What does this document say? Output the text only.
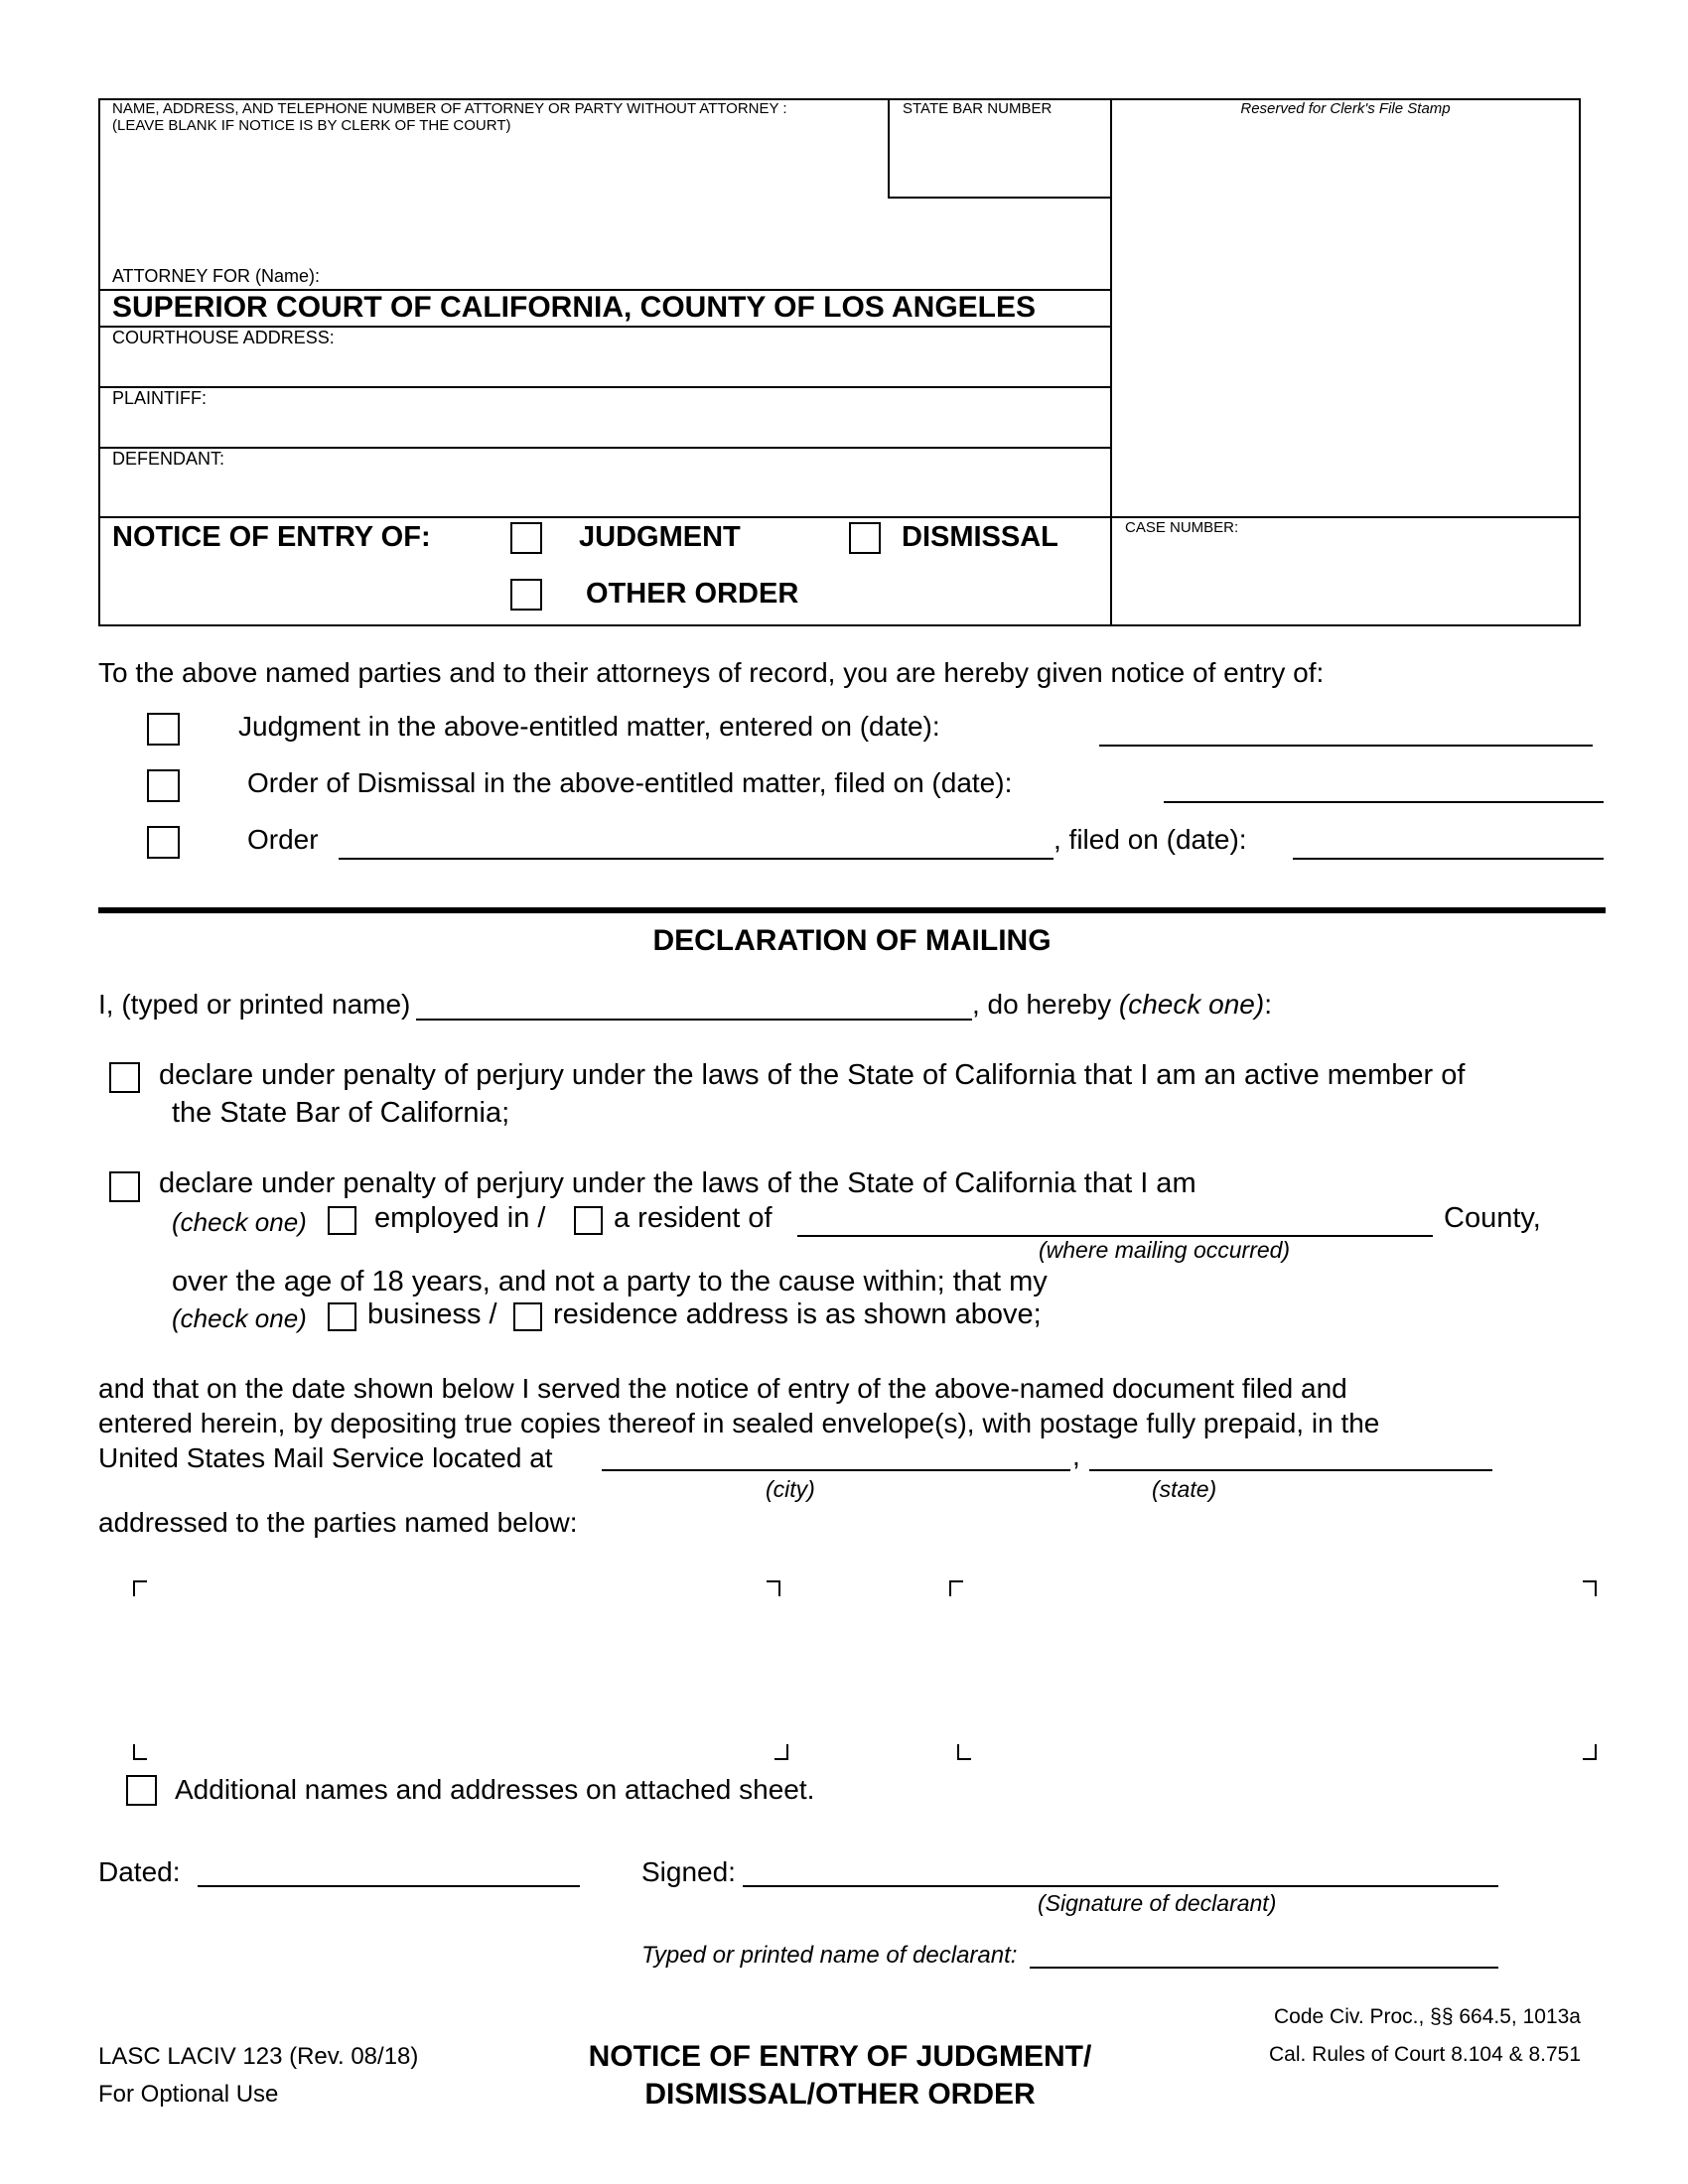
NAME, ADDRESS, AND TELEPHONE NUMBER OF ATTORNEY OR PARTY WITHOUT ATTORNEY :
(LEAVE BLANK IF NOTICE IS BY CLERK OF THE COURT)
STATE BAR NUMBER	Reserved for Clerk's File Stamp
ATTORNEY FOR (Name):
SUPERIOR COURT OF CALIFORNIA, COUNTY OF LOS ANGELES
COURTHOUSE ADDRESS:
PLAINTIFF:
DEFENDANT:
NOTICE OF ENTRY OF:	JUDGMENT	DISMISSAL
OTHER ORDER
CASE NUMBER:
To the above named parties and to their attorneys of record, you are hereby given notice of entry of:
Judgment in the above-entitled matter, entered on (date):
Order of Dismissal in the above-entitled matter, filed on (date):
Order	, filed on (date):
DECLARATION OF MAILING
I, (typed or printed name)	, do hereby (check one):
declare under penalty of perjury under the laws of the State of California that I am an active member of
the State Bar of California;
declare under penalty of perjury under the laws of the State of California that I am
(check one) employed in / a resident of	County,
(where mailing occurred)
over the age of 18 years, and not a party to the cause within; that my
(check one) business / residence address is as shown above;
and that on the date shown below I served the notice of entry of the above-named document filed and
entered herein, by depositing true copies thereof in sealed envelope(s), with postage fully prepaid, in the
United States Mail Service located at	,
(city)	(state)
addressed to the parties named below:
Additional names and addresses on attached sheet.
Dated:	Signed:
(Signature of declarant)
Typed or printed name of declarant:
LASC LACIV 123 (Rev. 08/18)
For Optional Use
NOTICE OF ENTRY OF JUDGMENT/
DISMISSAL/OTHER ORDER
Code Civ. Proc., §§ 664.5, 1013a
Cal. Rules of Court 8.104 & 8.751
